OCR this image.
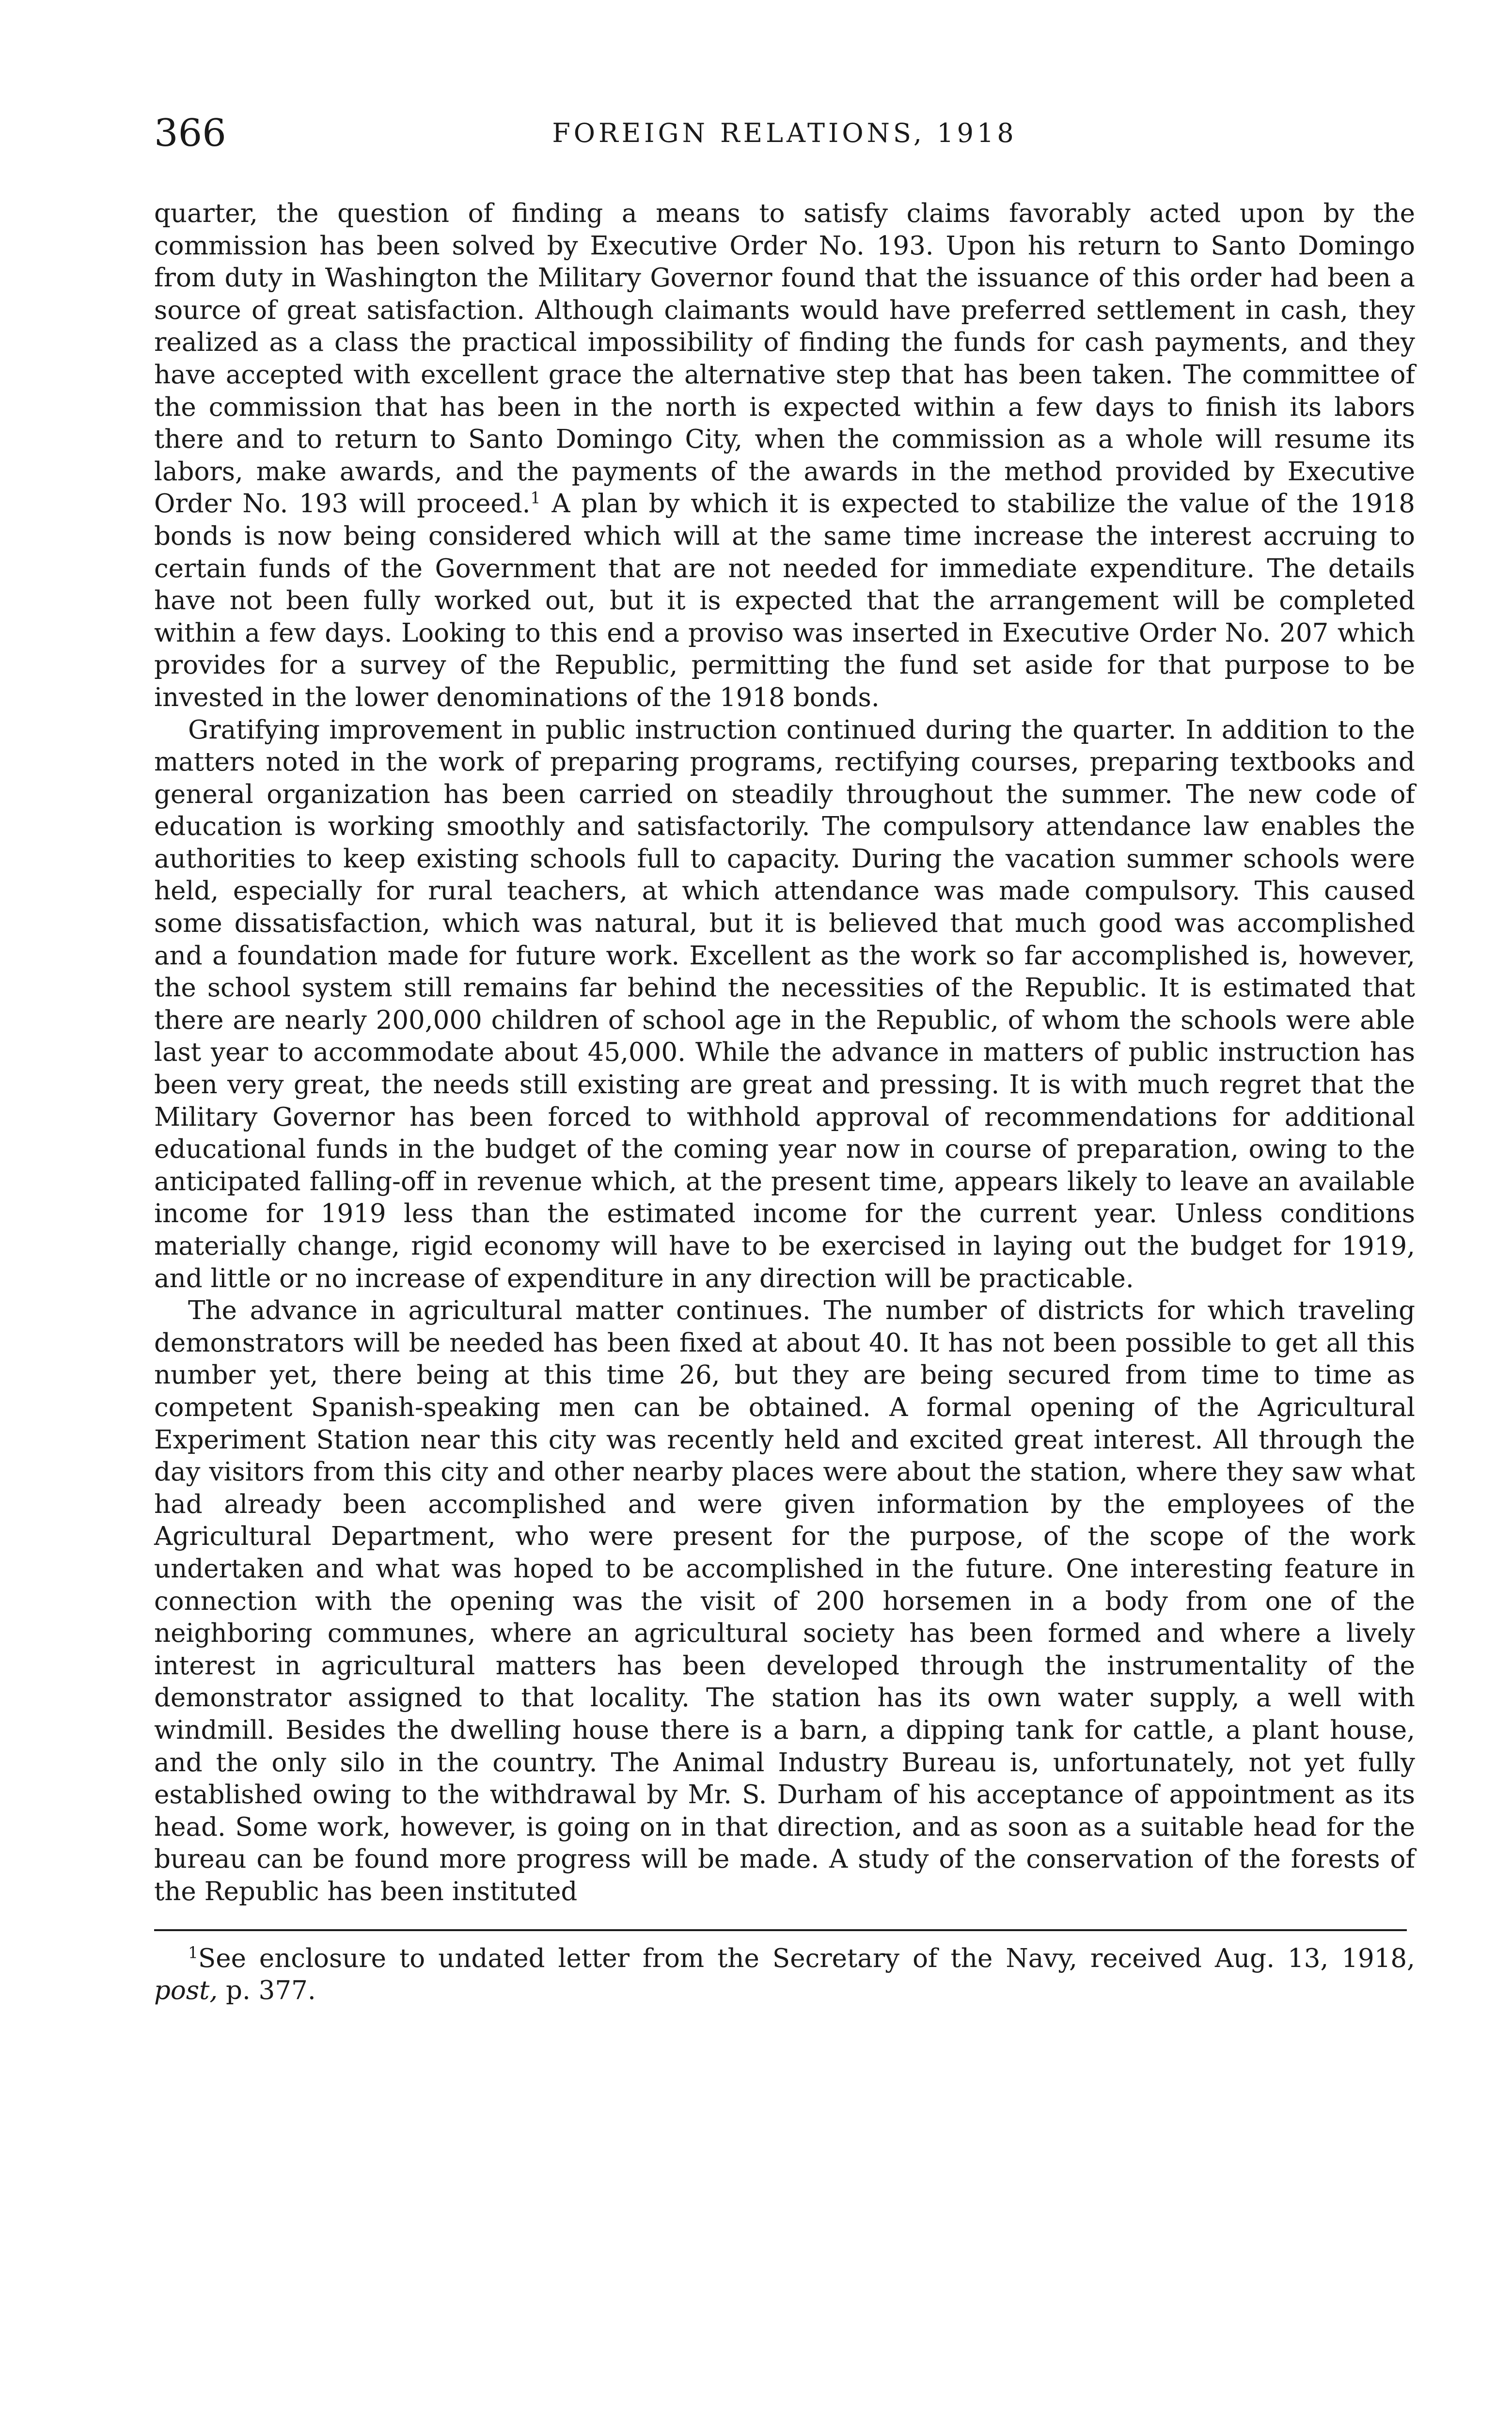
366	FOREIGN RELATIONS, 1918

quarter, the question of finding a means to satisfy claims favorably acted upon by the commission has been solved by Executive Order No. 193. Upon his return to Santo Domingo from duty in Washington the Military Governor found that the issuance of this order had been a source of great satisfaction. Although claimants would have preferred settlement in cash, they realized as a class the practical impossibility of finding the funds for cash payments, and they have accepted with excellent grace the alternative step that has been taken. The committee of the commission that has been in the north is expected within a few days to finish its labors there and to return to Santo Domingo City, when the commission as a whole will resume its labors, make awards, and the payments of the awards in the method provided by Executive Order No. 193 will proceed.$^1$ A plan by which it is expected to stabilize the value of the 1918 bonds is now being considered which will at the same time increase the interest accruing to certain funds of the Government that are not needed for immediate expenditure. The details have not been fully worked out, but it is expected that the arrangement will be completed within a few days. Looking to this end a proviso was inserted in Executive Order No. 207 which provides for a survey of the Republic, permitting the fund set aside for that purpose to be invested in the lower denominations of the 1918 bonds.

Gratifying improvement in public instruction continued during the quarter. In addition to the matters noted in the work of preparing programs, rectifying courses, preparing textbooks and general organization has been carried on steadily throughout the summer. The new code of education is working smoothly and satisfactorily. The compulsory attendance law enables the authorities to keep existing schools full to capacity. During the vacation summer schools were held, especially for rural teachers, at which attendance was made compulsory. This caused some dissatisfaction, which was natural, but it is believed that much good was accomplished and a foundation made for future work. Excellent as the work so far accomplished is, however, the school system still remains far behind the necessities of the Republic. It is estimated that there are nearly 200,000 children of school age in the Republic, of whom the schools were able last year to accommodate about 45,000. While the advance in matters of public instruction has been very great, the needs still existing are great and pressing. It is with much regret that the Military Governor has been forced to withhold approval of recommendations for additional educational funds in the budget of the coming year now in course of preparation, owing to the anticipated falling-off in revenue which, at the present time, appears likely to leave an available income for 1919 less than the estimated income for the current year. Unless conditions materially change, rigid economy will have to be exercised in laying out the budget for 1919, and little or no increase of expenditure in any direction will be practicable.

The advance in agricultural matter continues. The number of districts for which traveling demonstrators will be needed has been fixed at about 40. It has not been possible to get all this number yet, there being at this time 26, but they are being secured from time to time as competent Spanish-speaking men can be obtained. A formal opening of the Agricultural Experiment Station near this city was recently held and excited great interest. All through the day visitors from this city and other nearby places were about the station, where they saw what had already been accomplished and were given information by the employees of the Agricultural Department, who were present for the purpose, of the scope of the work undertaken and what was hoped to be accomplished in the future. One interesting feature in connection with the opening was the visit of 200 horsemen in a body from one of the neighboring communes, where an agricultural society has been formed and where a lively interest in agricultural matters has been developed through the instrumentality of the demonstrator assigned to that locality. The station has its own water supply, a well with windmill. Besides the dwelling house there is a barn, a dipping tank for cattle, a plant house, and the only silo in the country. The Animal Industry Bureau is, unfortunately, not yet fully established owing to the withdrawal by Mr. S. Durham of his acceptance of appointment as its head. Some work, however, is going on in that direction, and as soon as a suitable head for the bureau can be found more progress will be made. A study of the conservation of the forests of the Republic has been instituted

$^1$See enclosure to undated letter from the Secretary of the Navy, received Aug. 13, 1918, post, p. 377.
